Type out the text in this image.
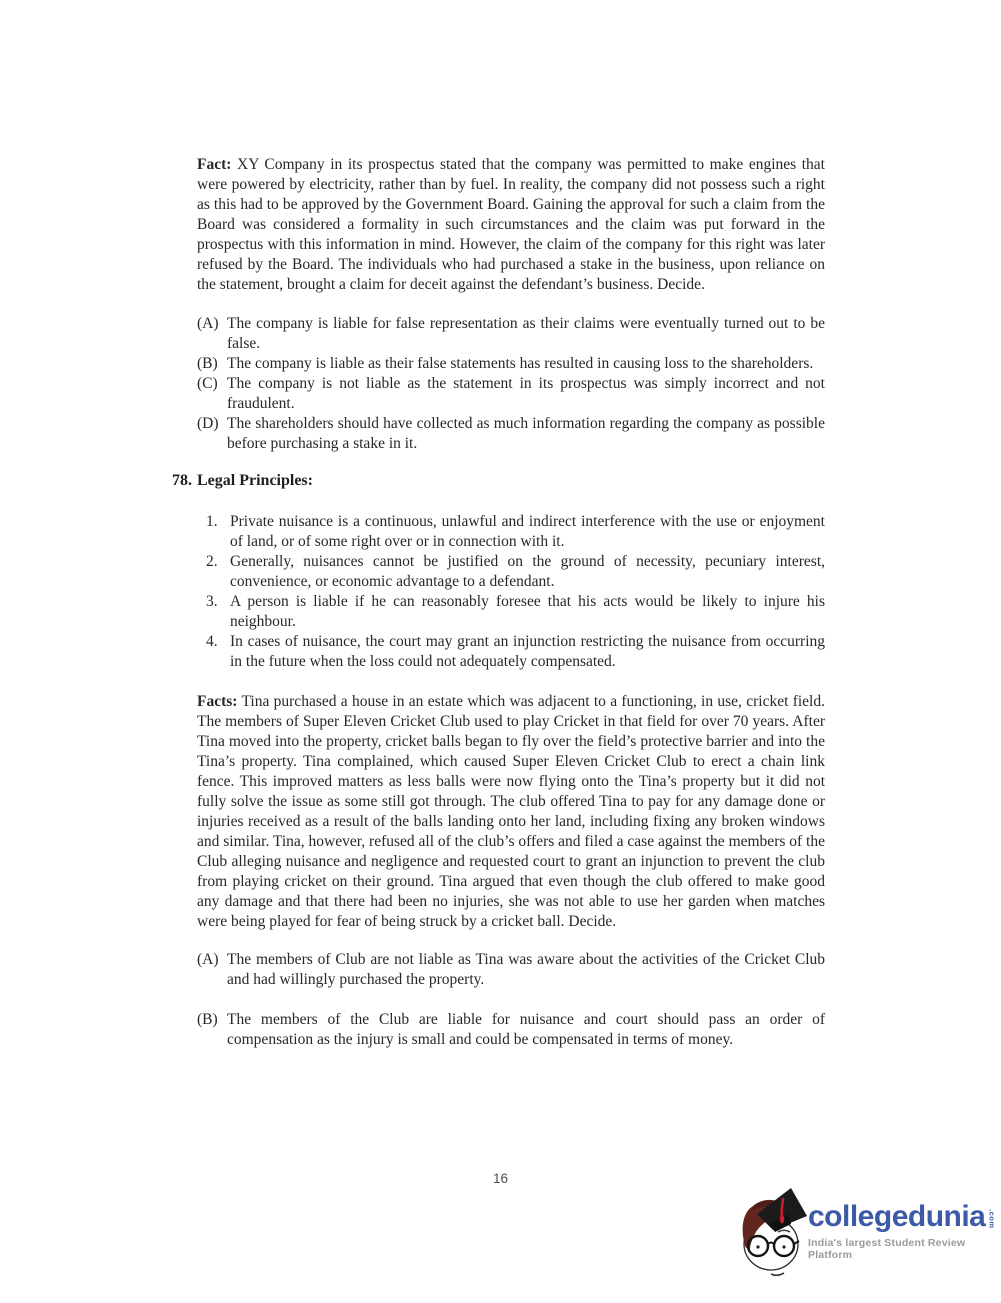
Fact: XY Company in its prospectus stated that the company was permitted to make engines that were powered by electricity, rather than by fuel. In reality, the company did not possess such a right as this had to be approved by the Government Board. Gaining the approval for such a claim from the Board was considered a formality in such circumstances and the claim was put forward in the prospectus with this information in mind. However, the claim of the company for this right was later refused by the Board. The individuals who had purchased a stake in the business, upon reliance on the statement, brought a claim for deceit against the defendant’s business. Decide.

(A) The company is liable for false representation as their claims were eventually turned out to be false.
(B) The company is liable as their false statements has resulted in causing loss to the shareholders.
(C) The company is not liable as the statement in its prospectus was simply incorrect and not fraudulent.
(D) The shareholders should have collected as much information regarding the company as possible before purchasing a stake in it.
78. Legal Principles:
1. Private nuisance is a continuous, unlawful and indirect interference with the use or enjoyment of land, or of some right over or in connection with it.
2. Generally, nuisances cannot be justified on the ground of necessity, pecuniary interest, convenience, or economic advantage to a defendant.
3. A person is liable if he can reasonably foresee that his acts would be likely to injure his neighbour.
4. In cases of nuisance, the court may grant an injunction restricting the nuisance from occurring in the future when the loss could not adequately compensated.

Facts: Tina purchased a house in an estate which was adjacent to a functioning, in use, cricket field. The members of Super Eleven Cricket Club used to play Cricket in that field for over 70 years. After Tina moved into the property, cricket balls began to fly over the field’s protective barrier and into the Tina’s property. Tina complained, which caused Super Eleven Cricket Club to erect a chain link fence. This improved matters as less balls were now flying onto the Tina’s property but it did not fully solve the issue as some still got through. The club offered Tina to pay for any damage done or injuries received as a result of the balls landing onto her land, including fixing any broken windows and similar. Tina, however, refused all of the club’s offers and filed a case against the members of the Club alleging nuisance and negligence and requested court to grant an injunction to prevent the club from playing cricket on their ground. Tina argued that even though the club offered to make good any damage and that there had been no injuries, she was not able to use her garden when matches were being played for fear of being struck by a cricket ball. Decide.

(A) The members of Club are not liable as Tina was aware about the activities of the Cricket Club and had willingly purchased the property.
(B) The members of the Club are liable for nuisance and court should pass an order of compensation as the injury is small and could be compensated in terms of money.
16
collegedunia .com
India's largest Student Review Platform
